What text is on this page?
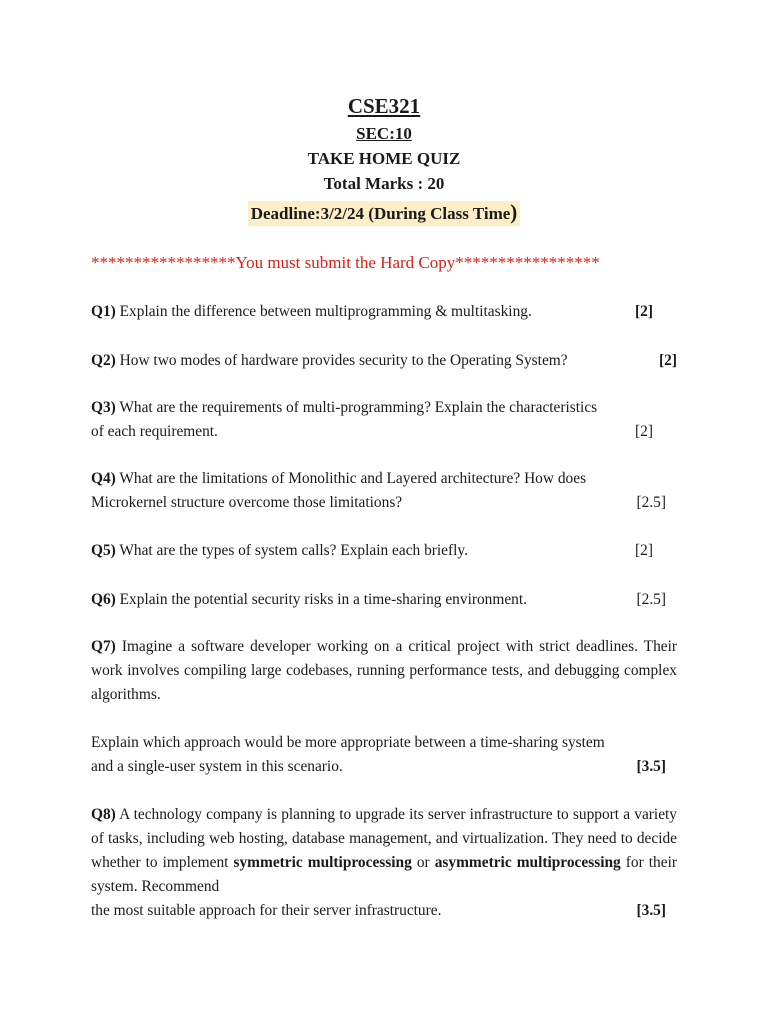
CSE321
SEC:10
TAKE HOME QUIZ
Total Marks : 20
Deadline:3/2/24 (During Class Time)
*****************You must submit the Hard Copy*****************
Q1) Explain the difference between multiprogramming & multitasking.	[2]
Q2) How two modes of hardware provides security to the Operating System?	[2]
Q3) What are the requirements of multi-programming? Explain the characteristics
of each requirement.	[2]
Q4) What are the limitations of Monolithic and Layered architecture? How does
Microkernel structure overcome those limitations?	[2.5]
Q5) What are the types of system calls? Explain each briefly.	[2]
Q6) Explain the potential security risks in a time-sharing environment.	[2.5]
Q7) Imagine a software developer working on a critical project with strict deadlines. Their work involves compiling large codebases, running performance tests, and debugging complex algorithms.
Explain which approach would be more appropriate between a time-sharing system
and a single-user system in this scenario.	[3.5]
Q8) A technology company is planning to upgrade its server infrastructure to support a variety of tasks, including web hosting, database management, and virtualization. They need to decide whether to implement symmetric multiprocessing or asymmetric multiprocessing for their system. Recommend
the most suitable approach for their server infrastructure.	[3.5]
